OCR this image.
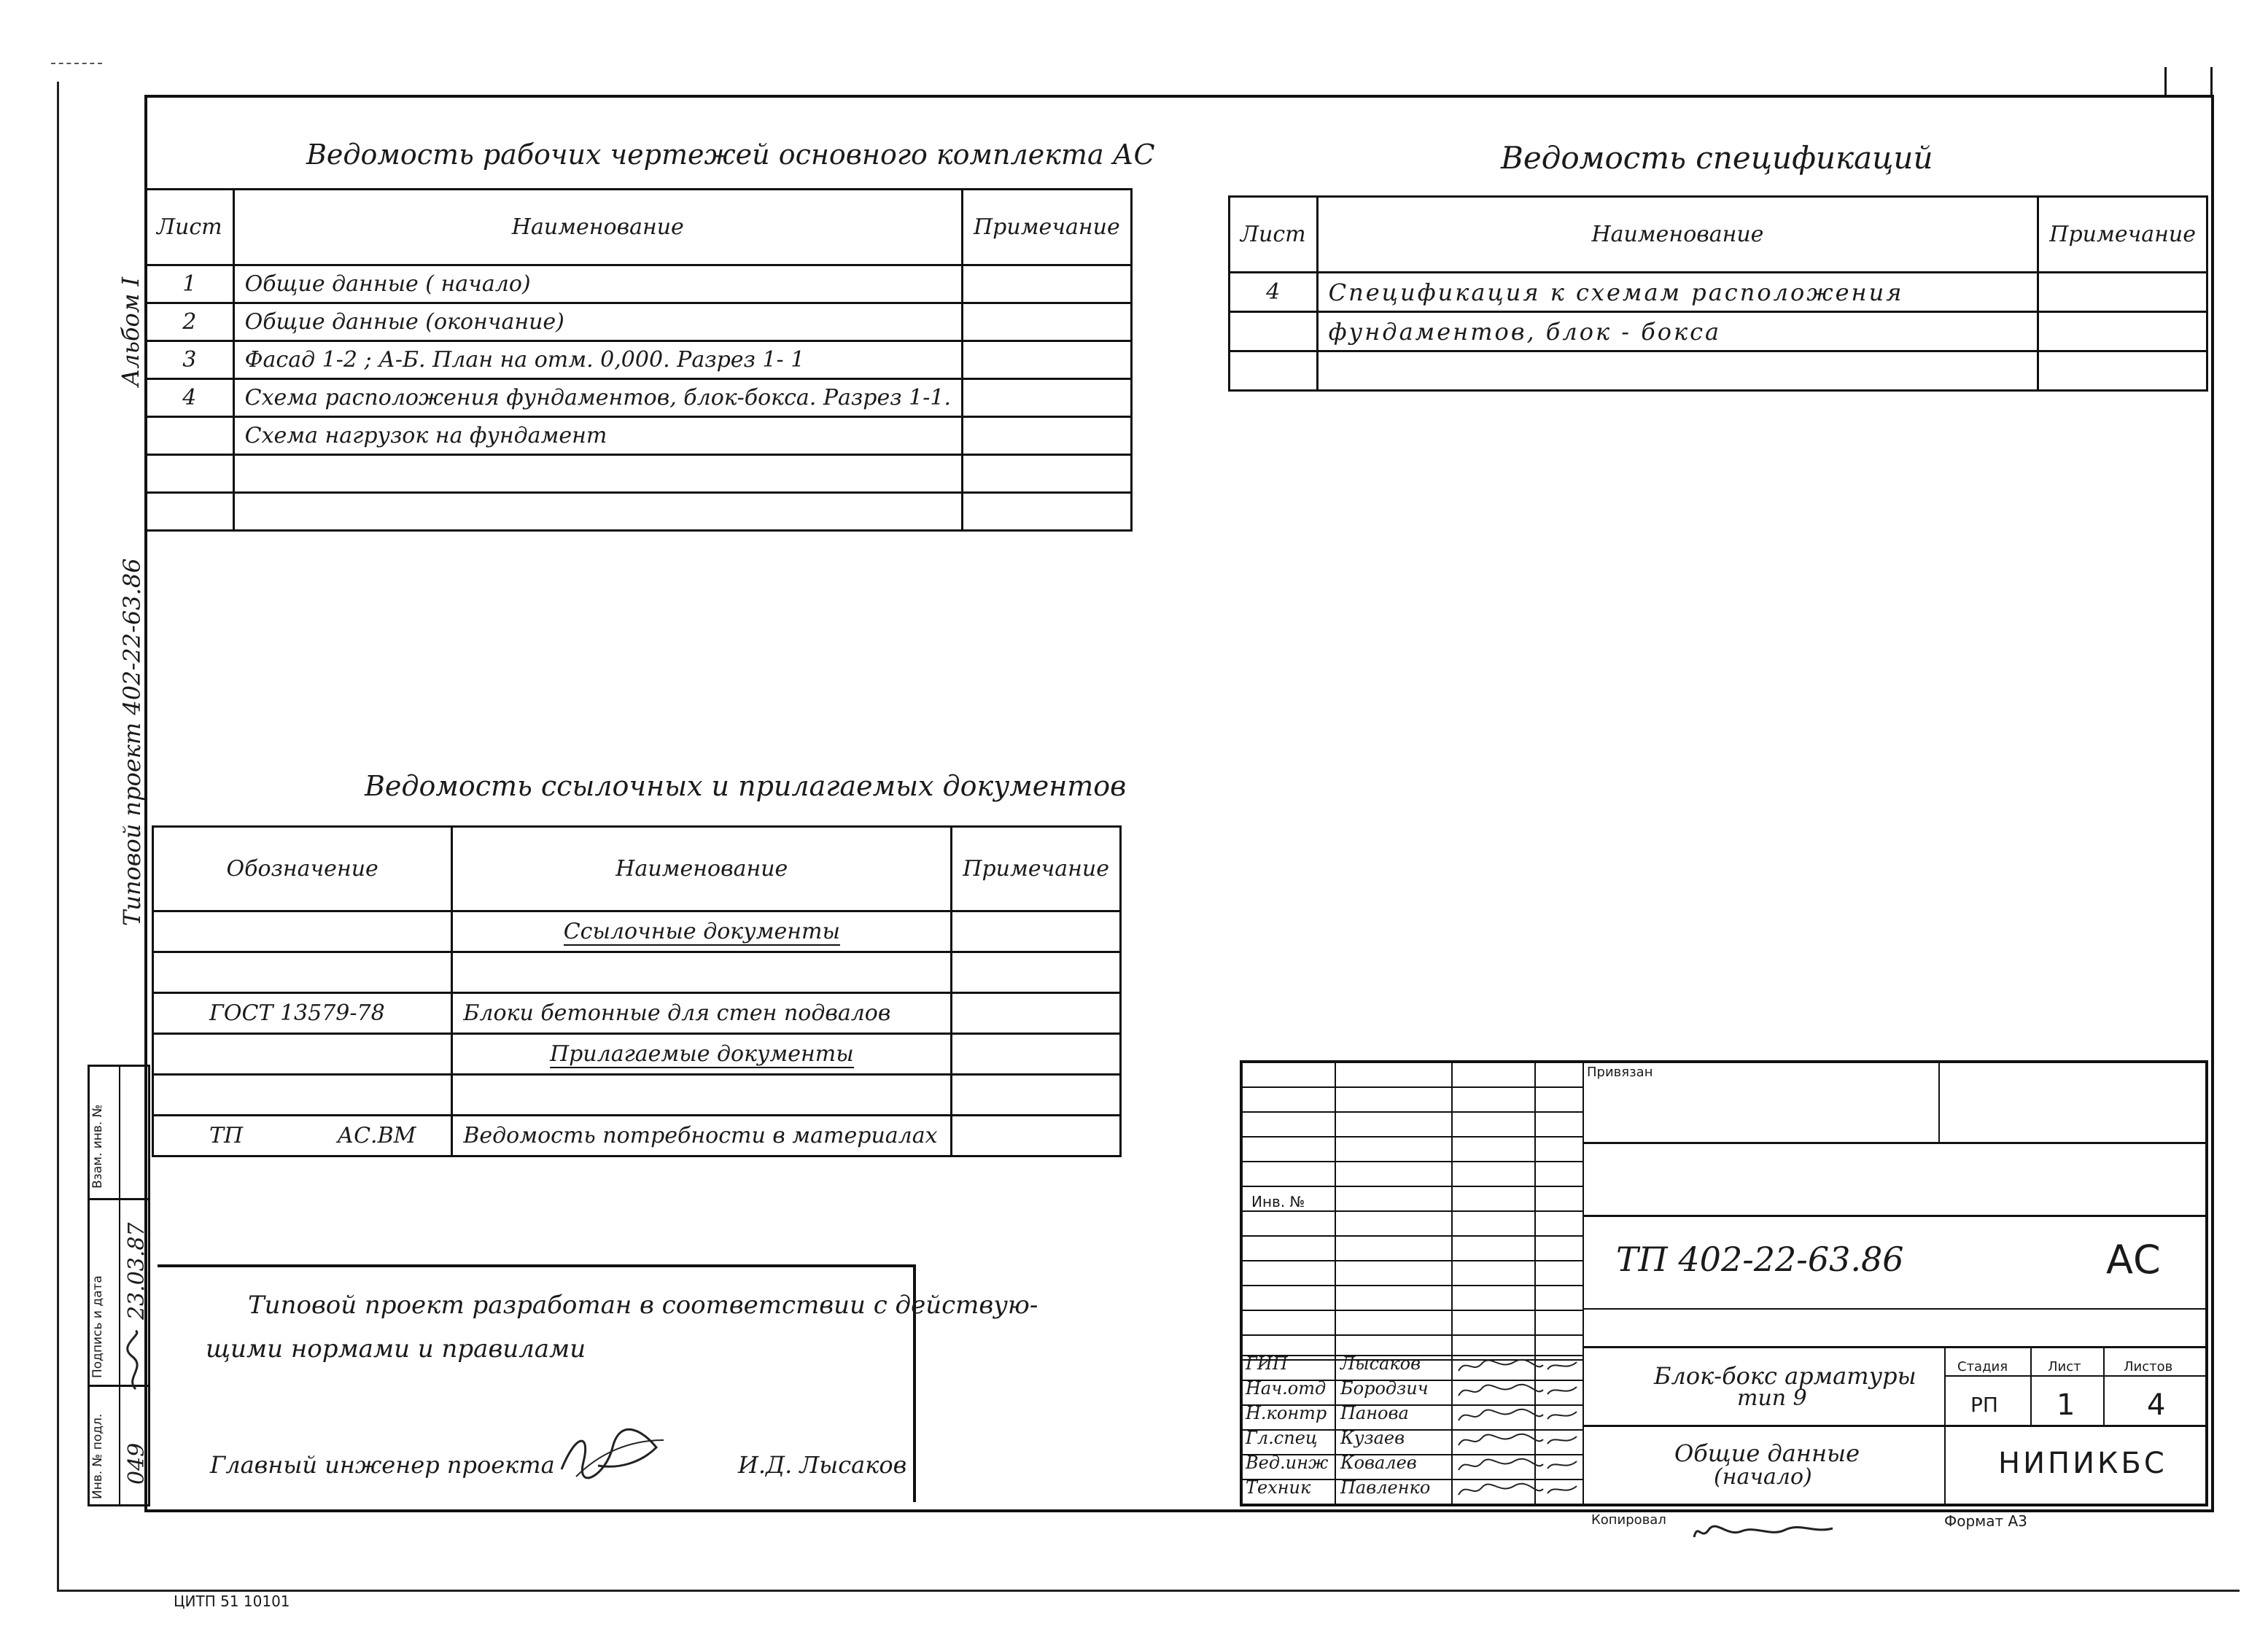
Альбом I
Типовой проект 402-22-63.86
Ведомость рабочих чертежей основного комплекта АС
Лист	Наименование	Примечание
1	Общие данные ( начало)	
2	Общие данные (окончание)	
3	Фасад 1-2 ; А-Б. План на отм. 0,000. Разрез 1- 1	
4	Схема расположения фундаментов, блок-бокса. Разрез 1-1.	
	Схема нагрузок на фундамент	

Ведомость спецификаций
Лист	Наименование	Примечание
4	Спецификация к схемам расположения	
	фундаментов, блок - бокса	

Ведомость ссылочных и прилагаемых документов
Обозначение	Наименование	Примечание

	Ссылочные документы	

ГОСТ 13579-78	Блоки бетонные для стен подвалов	

	Прилагаемые документы	

ТП АС.ВМ	Ведомость потребности в материалах	
Типовой проект разработан в соответствии с действую-
щими нормами и правилами
Главный инженер проекта	И.Д. Лысаков
Взам. инв. №
Подпись и дата
Инв. № подл.
23.03.87
049
Привязан
Инв. №
ТП 402-22-63.86	АС
ГИП	Лысаков
Нач.отд Бородзич
Н.контр Панова
Гл.спец Кузаев
Вед.инж Ковалев
Техник Павленко
Блок-бокс арматуры
тип 9
Общие данные
(начало)
Стадия	Лист	Листов
РП 1 4
НИПИКБС
Копировал	Формат А3
ЦИТП 51 10101
